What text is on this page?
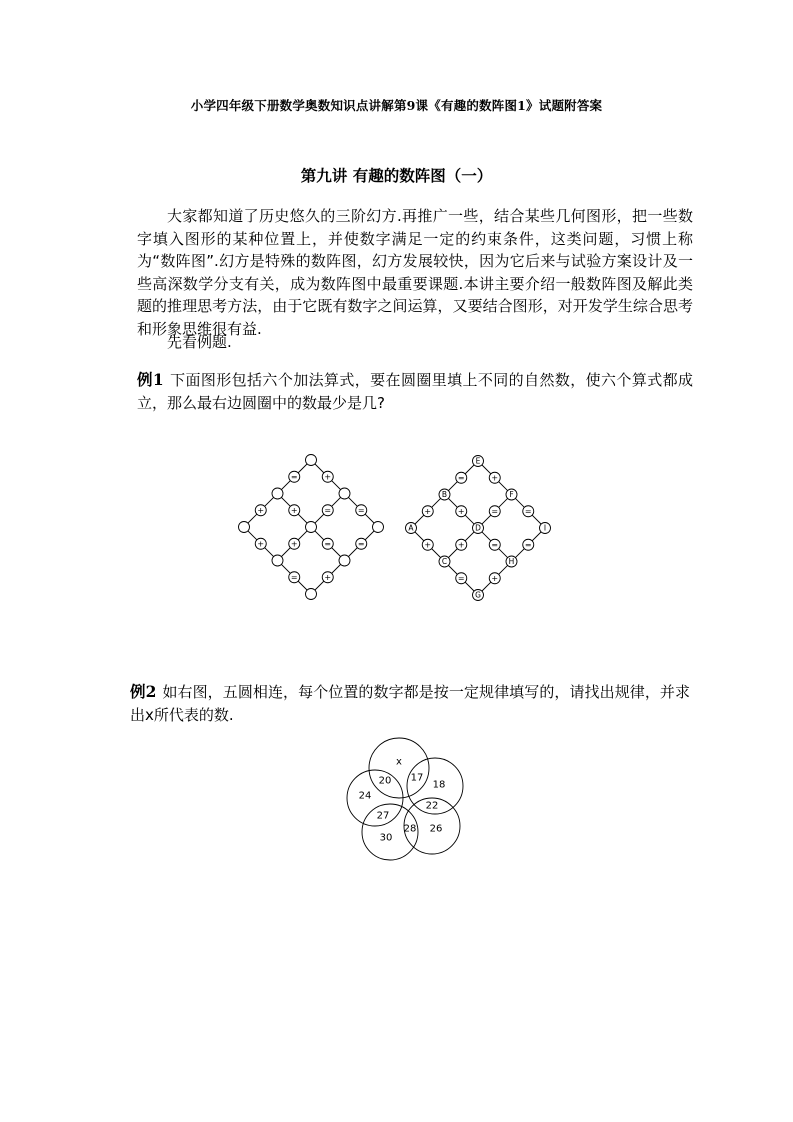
小学四年级下册数学奥数知识点讲解第9课《有趣的数阵图1》试题附答案
第九讲 有趣的数阵图（一）
大家都知道了历史悠久的三阶幻方.再推广一些，结合某些几何图形，把一些数字填入图形的某种位置上，并使数字满足一定的约束条件，这类问题，习惯上称为“数阵图”.幻方是特殊的数阵图，幻方发展较快，因为它后来与试验方案设计及一些高深数学分支有关，成为数阵图中最重要课题.本讲主要介绍一般数阵图及解此类题的推理思考方法，由于它既有数字之间运算，又要结合图形，对开发学生综合思考和形象思维很有益.
先看例题.
例1 下面图形包括六个加法算式，要在圆圈里填上不同的自然数，使六个算式都成立，那么最右边圆圈中的数最少是几?
+
=
+	+	=	=
+	+	=	=
=	+
E
B	F
A	D	I
C	H
G
+
=
+	+	=	=
+	+	=	=
=	+
例2 如右图，五圆相连，每个位置的数字都是按一定规律填写的，请找出规律，并求出x所代表的数.
x
20 17
18
24
22
27
28 26
30
